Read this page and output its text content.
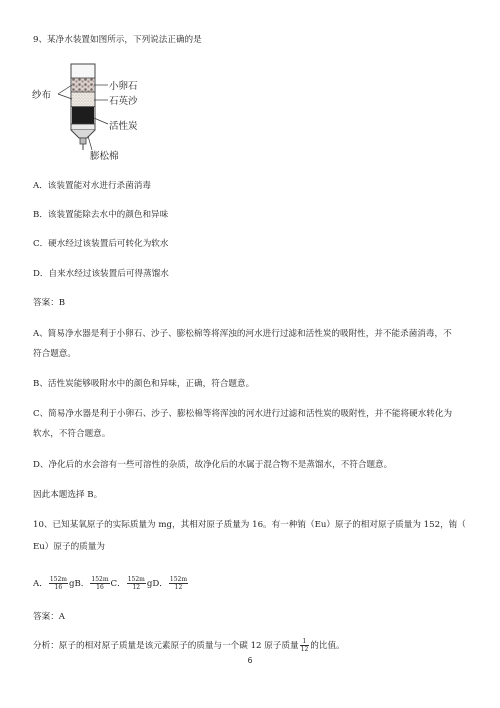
9、某净水装置如图所示，下列说法正确的是
纱布
小卵石
石英沙
活性炭
膨松棉
A．该装置能对水进行杀菌消毒
B．该装置能除去水中的颜色和异味
C．硬水经过该装置后可转化为软水
D．自来水经过该装置后可得蒸馏水
答案：B
A、简易净水器是利于小卵石、沙子、膨松棉等将浑浊的河水进行过滤和活性炭的吸附性，并不能杀菌消毒，不
符合题意。
B、活性炭能够吸附水中的颜色和异味，正确，符合题意。
C、简易净水器是利于小卵石、沙子、膨松棉等将浑浊的河水进行过滤和活性炭的吸附性，并不能将硬水转化为
软水，不符合题意。
D、净化后的水会溶有一些可溶性的杂质，故净化后的水属于混合物不是蒸馏水，不符合题意。
因此本题选择 B。
10、已知某氧原子的实际质量为 mg，其相对原子质量为 16。有一种铕（Eu）原子的相对原子质量为 152，铕（
Eu）原子的质量为
A． $\frac{152m}{16}$ gB． $\frac{152m}{16}$ C． $\frac{152m}{12}$ gD． $\frac{152m}{12}$
答案：A
分析：原子的相对原子质量是该元素原子的质量与一个碳 12 原子质量 $\frac{1}{12}$ 的比值。
6
